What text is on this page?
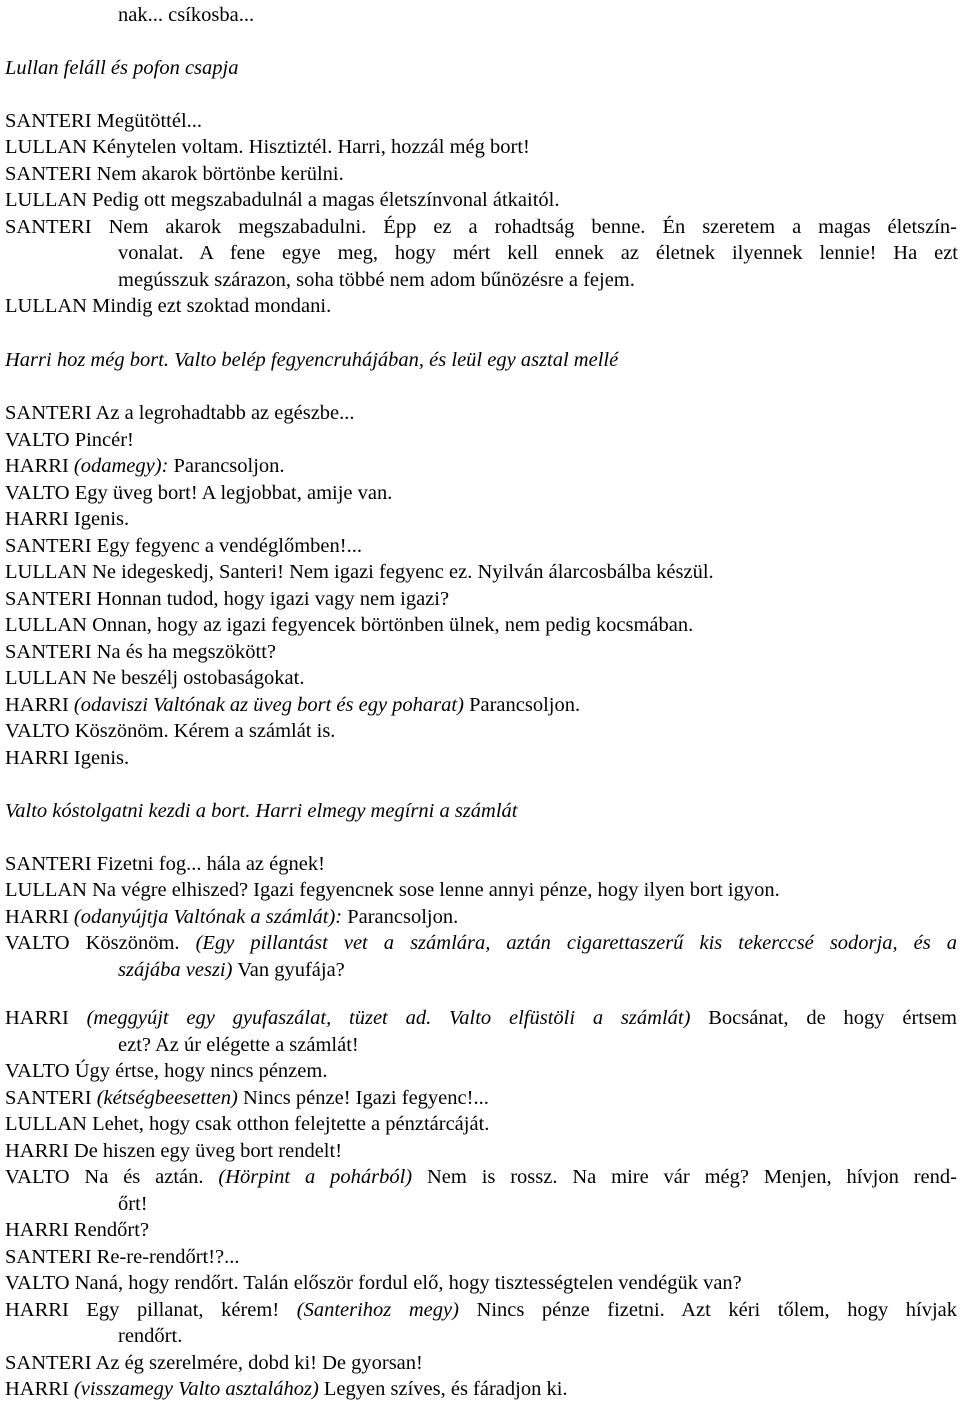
nak... csíkosba...
Lullan feláll és pofon csapja
SANTERI Megütöttél...
LULLAN Kénytelen voltam. Hisztiztél. Harri, hozzál még bort!
SANTERI Nem akarok börtönbe kerülni.
LULLAN Pedig ott megszabadulnál a magas életszínvonal átkaitól.
SANTERI Nem akarok megszabadulni. Épp ez a rohadtság benne. Én szeretem a magas életszín-
vonalat. A fene egye meg, hogy mért kell ennek az életnek ilyennek lennie! Ha ezt
megússzuk szárazon, soha többé nem adom bűnözésre a fejem.
LULLAN Mindig ezt szoktad mondani.
Harri hoz még bort. Valto belép fegyencruhájában, és leül egy asztal mellé
SANTERI Az a legrohadtabb az egészbe...
VALTO Pincér!
HARRI (odamegy): Parancsoljon.
VALTO Egy üveg bort! A legjobbat, amije van.
HARRI Igenis.
SANTERI Egy fegyenc a vendéglőmben!...
LULLAN Ne idegeskedj, Santeri! Nem igazi fegyenc ez. Nyilván álarcosbálba készül.
SANTERI Honnan tudod, hogy igazi vagy nem igazi?
LULLAN Onnan, hogy az igazi fegyencek börtönben ülnek, nem pedig kocsmában.
SANTERI Na és ha megszökött?
LULLAN Ne beszélj ostobaságokat.
HARRI (odaviszi Valtónak az üveg bort és egy poharat) Parancsoljon.
VALTO Köszönöm. Kérem a számlát is.
HARRI Igenis.
Valto kóstolgatni kezdi a bort. Harri elmegy megírni a számlát
SANTERI Fizetni fog... hála az égnek!
LULLAN Na végre elhiszed? Igazi fegyencnek sose lenne annyi pénze, hogy ilyen bort igyon.
HARRI (odanyújtja Valtónak a számlát): Parancsoljon.
VALTO Köszönöm. (Egy pillantást vet a számlára, aztán cigarettaszerű kis tekerccsé sodorja, és a
szájába veszi) Van gyufája?
HARRI (meggyújt egy gyufaszálat, tüzet ad. Valto elfüstöli a számlát) Bocsánat, de hogy értsem
ezt? Az úr elégette a számlát!
VALTO Úgy értse, hogy nincs pénzem.
SANTERI (kétségbeesetten) Nincs pénze! Igazi fegyenc!...
LULLAN Lehet, hogy csak otthon felejtette a pénztárcáját.
HARRI De hiszen egy üveg bort rendelt!
VALTO Na és aztán. (Hörpint a pohárból) Nem is rossz. Na mire vár még? Menjen, hívjon rend-
őrt!
HARRI Rendőrt?
SANTERI Re-re-rendőrt!?...
VALTO Naná, hogy rendőrt. Talán először fordul elő, hogy tisztességtelen vendégük van?
HARRI Egy pillanat, kérem! (Santerihoz megy) Nincs pénze fizetni. Azt kéri tőlem, hogy hívjak
rendőrt.
SANTERI Az ég szerelmére, dobd ki! De gyorsan!
HARRI (visszamegy Valto asztalához) Legyen szíves, és fáradjon ki.
